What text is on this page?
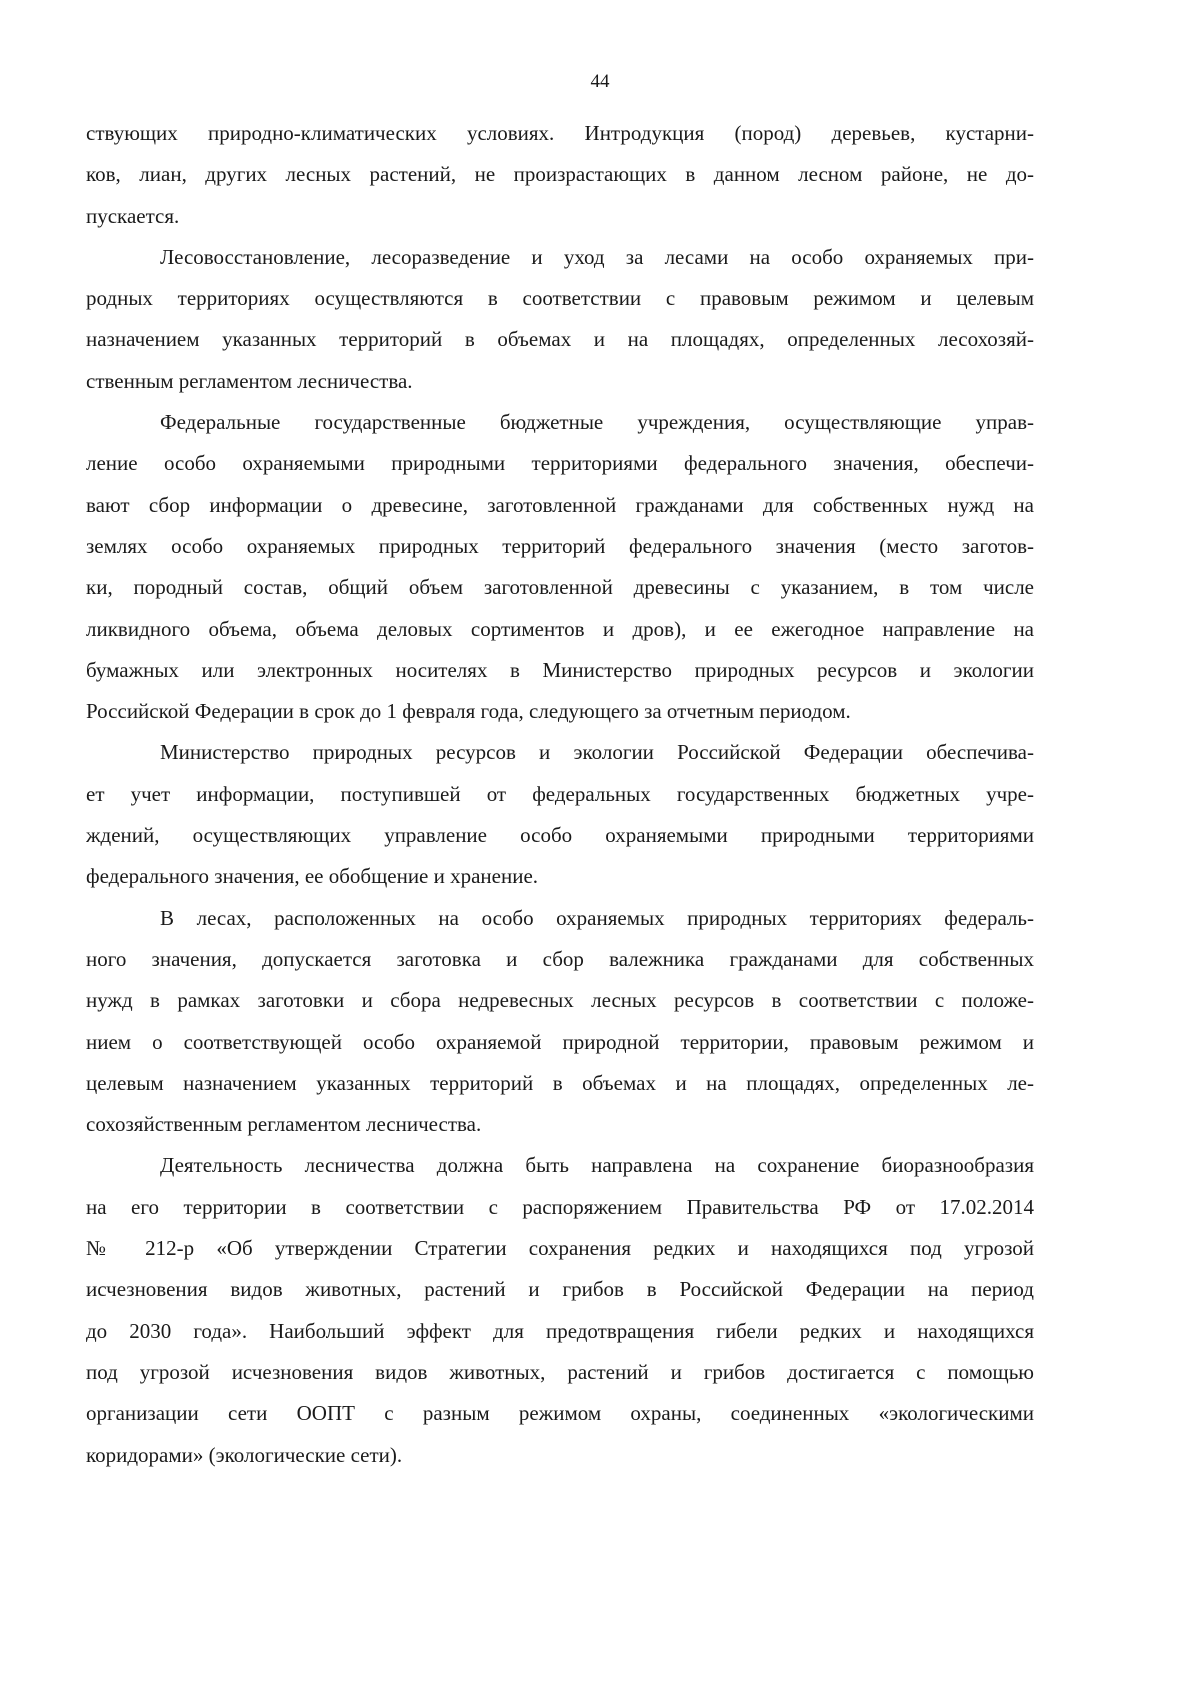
44
ствующих природно-климатических условиях. Интродукция (пород) деревьев, кустарни-
ков, лиан, других лесных растений, не произрастающих в данном лесном районе, не до-
пускается.
Лесовосстановление, лесоразведение и уход за лесами на особо охраняемых при-
родных территориях осуществляются в соответствии с правовым режимом и целевым
назначением указанных территорий в объемах и на площадях, определенных лесохозяй-
ственным регламентом лесничества.
Федеральные государственные бюджетные учреждения, осуществляющие управ-
ление особо охраняемыми природными территориями федерального значения, обеспечи-
вают сбор информации о древесине, заготовленной гражданами для собственных нужд на
землях особо охраняемых природных территорий федерального значения (место заготов-
ки, породный состав, общий объем заготовленной древесины с указанием, в том числе
ликвидного объема, объема деловых сортиментов и дров), и ее ежегодное направление на
бумажных или электронных носителях в Министерство природных ресурсов и экологии
Российской Федерации в срок до 1 февраля года, следующего за отчетным периодом.
Министерство природных ресурсов и экологии Российской Федерации обеспечива-
ет учет информации, поступившей от федеральных государственных бюджетных учре-
ждений, осуществляющих управление особо охраняемыми природными территориями
федерального значения, ее обобщение и хранение.
В лесах, расположенных на особо охраняемых природных территориях федераль-
ного значения, допускается заготовка и сбор валежника гражданами для собственных
нужд в рамках заготовки и сбора недревесных лесных ресурсов в соответствии с положе-
нием о соответствующей особо охраняемой природной территории, правовым режимом и
целевым назначением указанных территорий в объемах и на площадях, определенных ле-
сохозяйственным регламентом лесничества.
Деятельность лесничества должна быть направлена на сохранение биоразнообразия
на его территории в соответствии с распоряжением Правительства РФ от 17.02.2014
№ 212-р «Об утверждении Стратегии сохранения редких и находящихся под угрозой
исчезновения видов животных, растений и грибов в Российской Федерации на период
до 2030 года». Наибольший эффект для предотвращения гибели редких и находящихся
под угрозой исчезновения видов животных, растений и грибов достигается с помощью
организации сети ООПТ с разным режимом охраны, соединенных «экологическими
коридорами» (экологические сети).
